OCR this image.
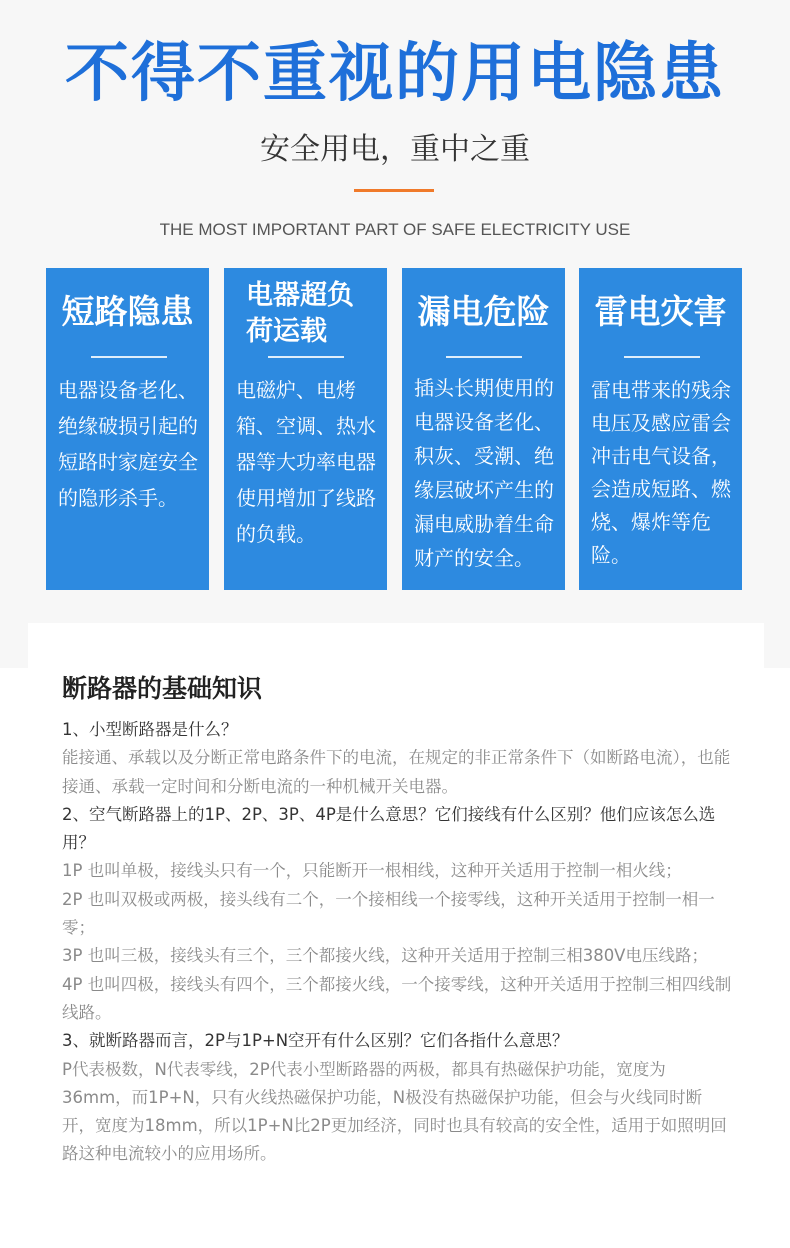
不得不重视的用电隐患
安全用电，重中之重
THE MOST IMPORTANT PART OF SAFE ELECTRICITY USE
短路隐患
电器设备老化、绝缘破损引起的短路时家庭安全的隐形杀手。
电器超负荷运载
电磁炉、电烤箱、空调、热水器等大功率电器使用增加了线路的负载。
漏电危险
插头长期使用的电器设备老化、积灰、受潮、绝缘层破坏产生的漏电威胁着生命财产的安全。
雷电灾害
雷电带来的残余电压及感应雷会冲击电气设备，会造成短路、燃烧、爆炸等危险。
断路器的基础知识
1、小型断路器是什么？
能接通、承载以及分断正常电路条件下的电流，在规定的非正常条件下（如断路电流），也能接通、承载一定时间和分断电流的一种机械开关电器。
2、空气断路器上的1P、2P、3P、4P是什么意思？它们接线有什么区别？他们应该怎么选用？
1P 也叫单极，接线头只有一个，只能断开一根相线，这种开关适用于控制一相火线；
2P 也叫双极或两极，接头线有二个，一个接相线一个接零线，这种开关适用于控制一相一零；
3P 也叫三极，接线头有三个，三个都接火线，这种开关适用于控制三相380V电压线路；
4P 也叫四极，接线头有四个，三个都接火线，一个接零线，这种开关适用于控制三相四线制线路。
3、就断路器而言，2P与1P+N空开有什么区别？它们各指什么意思？
P代表极数，N代表零线，2P代表小型断路器的两极，都具有热磁保护功能，宽度为36mm，而1P+N，只有火线热磁保护功能，N极没有热磁保护功能，但会与火线同时断开，宽度为18mm，所以1P+N比2P更加经济，同时也具有较高的安全性，适用于如照明回路这种电流较小的应用场所。
